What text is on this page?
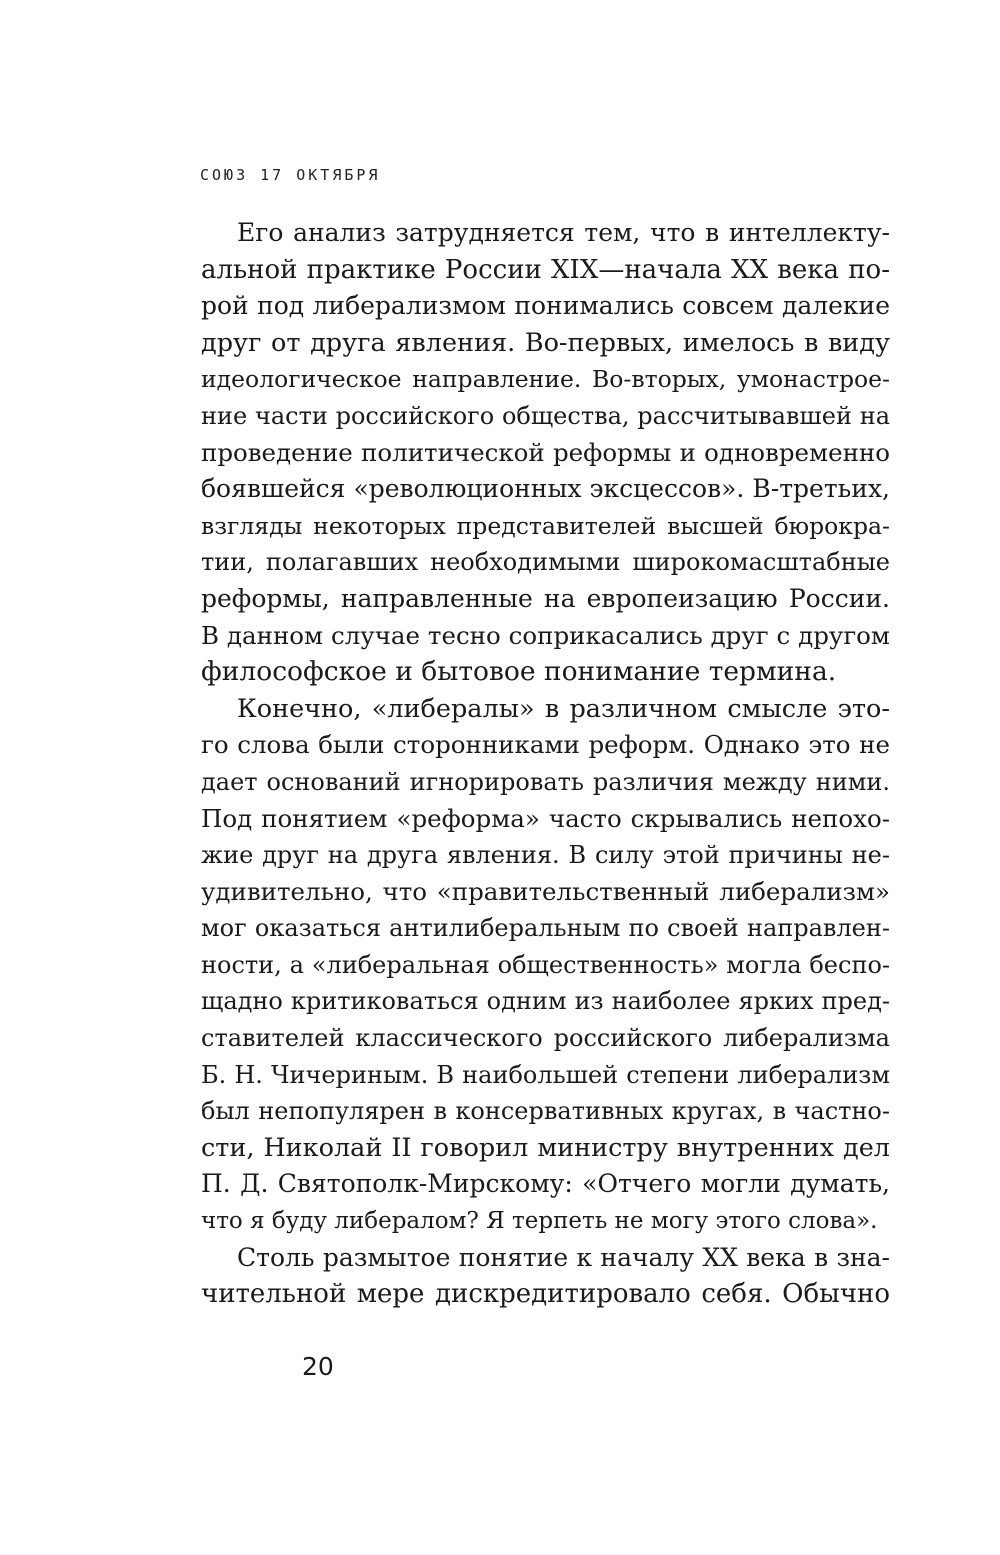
СОЮЗ 17 ОКТЯБРЯ
Его анализ затрудняется тем, что в интеллекту-
альной практике России XIX—начала XX века по-
рой под либерализмом понимались совсем далекие
друг от друга явления. Во-первых, имелось в виду
идеологическое направление. Во-вторых, умонастрое-
ние части российского общества, рассчитывавшей на
проведение политической реформы и одновременно
боявшейся «революционных эксцессов». В-третьих,
взгляды некоторых представителей высшей бюрокра-
тии, полагавших необходимыми широкомасштабные
реформы, направленные на европеизацию России.
В данном случае тесно соприкасались друг с другом
философское и бытовое понимание термина.
Конечно, «либералы» в различном смысле это-
го слова были сторонниками реформ. Однако это не
дает оснований игнорировать различия между ними.
Под понятием «реформа» часто скрывались непохо-
жие друг на друга явления. В силу этой причины не-
удивительно, что «правительственный либерализм»
мог оказаться антилиберальным по своей направлен-
ности, а «либеральная общественность» могла беспо-
щадно критиковаться одним из наиболее ярких пред-
ставителей классического российского либерализма
Б. Н. Чичериным. В наибольшей степени либерализм
был непопулярен в консервативных кругах, в частно-
сти, Николай II говорил министру внутренних дел
П. Д. Святополк-Мирскому: «Отчего могли думать,
что я буду либералом? Я терпеть не могу этого слова».
Столь размытое понятие к началу XX века в зна-
чительной мере дискредитировало себя. Обычно
20
